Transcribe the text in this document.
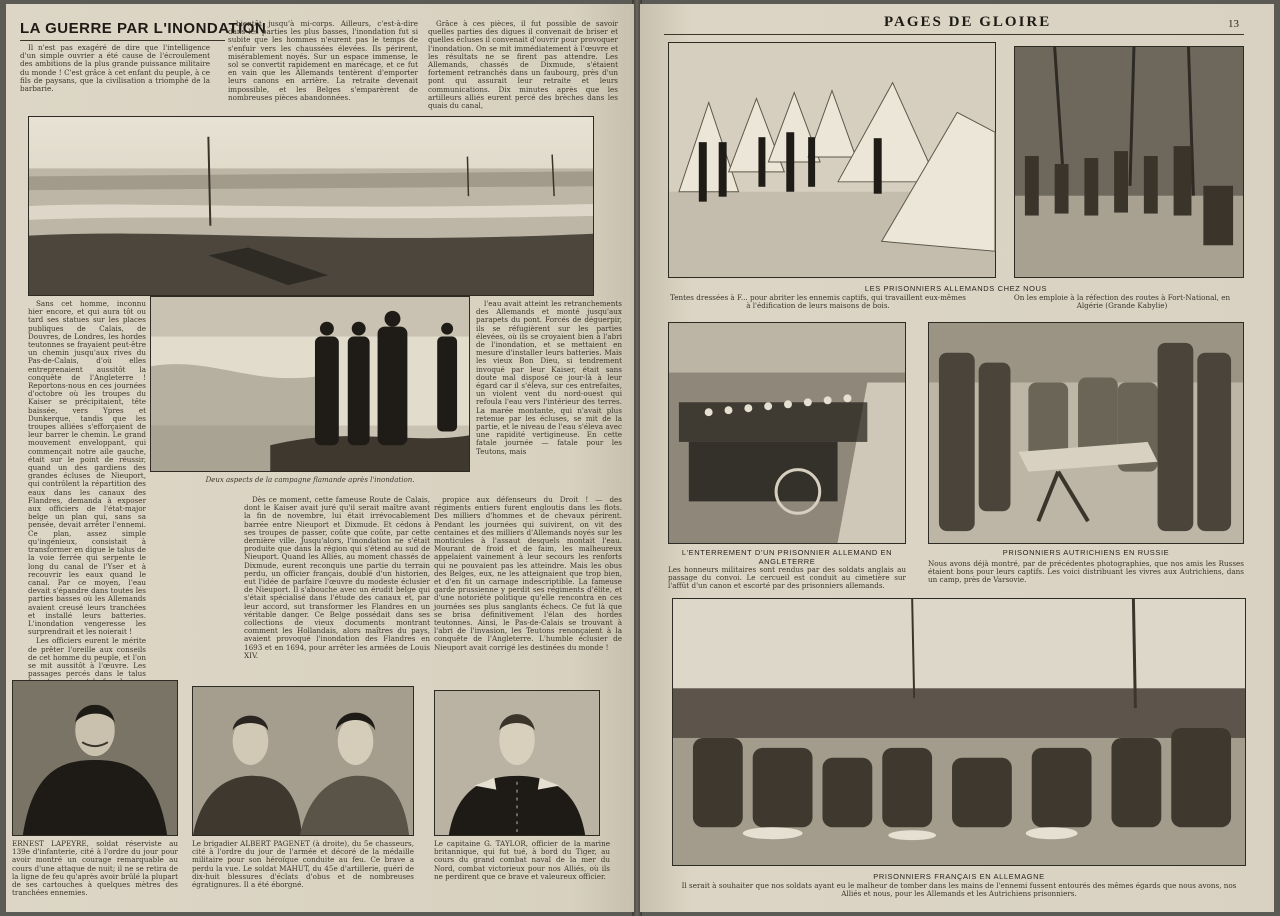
LA GUERRE PAR L'INONDATION

Il n'est pas exagéré de dire que l'intelligence d'un simple ouvrier a été cause de l'écroulement des ambitions de la plus grande puissance militaire du monde ! C'est grâce à cet enfant du peuple, à ce fils de paysans, que la civilisation a triomphé de la barbarie.

bientôt jusqu'à mi-corps. Ailleurs, c'est-à-dire dans les parties les plus basses, l'inondation fut si subite que les hommes n'eurent pas le temps de s'enfuir vers les chaussées élevées. Ils périrent, misérablement noyés. Sur un espace immense, le sol se convertit rapidement en marécage, et ce fut en vain que les Allemands tentèrent d'emporter leurs canons en arrière. La retraite devenait impossible, et les Belges s'emparèrent de nombreuses pièces abandonnées.

Grâce à ces pièces, il fut possible de savoir quelles parties des digues il convenait de briser et quelles écluses il convenait d'ouvrir pour provoquer l'inondation. On se mit immédiatement à l'œuvre et les résultats ne se firent pas attendre. Les Allemands, chassés de Dixmude, s'étaient fortement retranchés dans un faubourg, près d'un pont qui assurait leur retraite et leurs communications. Dix minutes après que les artilleurs alliés eurent percé des brèches dans les quais du canal,

Sans cet homme, inconnu hier encore, et qui aura tôt ou tard ses statues sur les places publiques de Calais, de Douvres, de Londres, les hordes teutonnes se frayaient peut-être un chemin jusqu'aux rives du Pas-de-Calais, d'où elles entreprenaient aussitôt la conquête de l'Angleterre ! Reportons-nous en ces journées d'octobre où les troupes du Kaiser se précipitaient, tête baissée, vers Ypres et Dunkerque, tandis que les troupes alliées s'efforçaient de leur barrer le chemin. Le grand mouvement enveloppant, qui commençait notre aile gauche, était sur le point de réussir, quand un des gardiens des grandes écluses de Nieuport, qui contrôlent la répartition des eaux dans les canaux des Flandres, demanda à exposer aux officiers de l'état-major belge un plan qui, sans sa pensée, devait arrêter l'ennemi. Ce plan, assez simple qu'ingénieux, consistait à transformer en digue le talus de la voie ferrée qui serpente le long du canal de l'Yser et à recouvrir les eaux quand le canal. Par ce moyen, l'eau devait s'épandre dans toutes les parties basses où les Allemands avaient creusé leurs tranchées et installé leurs batteries. L'inondation vengeresse les surprendrait et les noierait !

Les officiers eurent le mérite de prêter l'oreille aux conseils de cet homme du peuple, et l'on se mit aussitôt à l'œuvre. Les passages percés dans le talus

l'eau avait atteint les retranchements des Allemands et monté jusqu'aux parapets du pont. Forcés de déguerpir, ils se réfugièrent sur les parties élevées, où ils se croyaient bien à l'abri de l'inondation, et se mettaient en mesure d'installer leurs batteries. Mais les vieux Bon Dieu, si tendrement invoqué par leur Kaiser, était sans doute mal disposé ce jour-là à leur égard car il s'éleva, sur ces entrefaites, un violent vent du nord-ouest qui refoula l'eau vers l'intérieur des terres. La marée montante, qui n'avait plus retenue par les écluses, se mit de la partie, et le niveau de l'eau s'éleva avec une rapidité vertigineuse. En cette fatale journée — fatale pour les Teutons, mais

Deux aspects de la campagne flamande après l'inondation.

Dès ce moment, cette fameuse Route de Calais, dont le Kaiser avait juré qu'il serait maître avant la fin de novembre, lui était irrévocablement barrée entre Nieuport et Dixmude. Et cédons à ses troupes de passer, coûte que coûte, par cette dernière ville. Jusqu'alors, l'inondation ne s'était produite que dans la région qui s'étend au sud de Nieuport. Quand les Alliés, au moment chassés de Dixmude, eurent reconquis une partie du terrain perdu, un officier français, doublé d'un historien, eut l'idée de parfaire l'œuvre du modeste éclusier de Nieuport. Il s'abouche avec un érudit belge qui s'était spécialisé dans l'étude des canaux et, par leur accord, sut transformer les Flandres en un véritable danger. Ce Belge possédait dans ses collections de vieux documents montrant comment les Hollandais, alors maîtres du pays, avaient provoqué l'inondation des Flandres en 1693 et en 1694, pour arrêter les armées de Louis XIV.

propice aux défenseurs du Droit ! — des régiments entiers furent engloutis dans les flots. Des milliers d'hommes et de chevaux périrent. Pendant les journées qui suivirent, on vit des centaines et des milliers d'Allemands noyés sur les monticules à l'assaut desquels montait l'eau. Mourant de froid et de faim, les malheureux appelaient vainement à leur secours les renforts qui ne pouvaient pas les atteindre. Mais les obus des Belges, eux, ne les atteignaient que trop bien, et d'en fit un carnage indescriptible. La fameuse garde prussienne y perdit ses régiments d'élite, et d'une notoriété politique qu'elle rencontra en ces journées ses plus sanglants échecs. Ce fut là que se brisa définitivement l'élan des hordes teutonnes. Ainsi, le Pas-de-Calais se trouvant à l'abri de l'invasion, les Teutons renonçaient à la conquête de l'Angleterre. L'humble éclusier de Nieuport avait corrigé les destinées du monde !

ERNEST LAPEYRE, soldat réserviste au 139e d'infanterie, cité à l'ordre du jour pour avoir montré un courage remarquable au cours d'une attaque de nuit; il ne se retira de la ligne de feu qu'après avoir brûlé la plupart de ses cartouches à quelques mètres des tranchées ennemies.
Le brigadier ALBERT PAGENET (à droite), du 5e chasseurs, cité à l'ordre du jour de l'armée et décoré de la médaille militaire pour son héroïque conduite au feu. Ce brave a perdu la vue. Le soldat MAHUT, du 45e d'artillerie, guéri de dix-huit blessures d'éclats d'obus et de nombreuses égratignures. Il a été éborgné.
Le capitaine G. TAYLOR, officier de la marine britannique, qui fut tué, à bord du Tiger, au cours du grand combat naval de la mer du Nord, combat victorieux pour nos Alliés, où ils ne perdirent que ce brave et valeureux officier.
PAGES DE GLOIRE	13
LES PRISONNIERS ALLEMANDS CHEZ NOUS
Tentes dressées à F... pour abriter les ennemis captifs, qui travaillent eux-mêmes à l'édification de leurs maisons de bois.
On les emploie à la réfection des routes à Fort-National, en Algérie (Grande Kabylie)
L'ENTERREMENT D'UN PRISONNIER ALLEMAND EN ANGLETERRE
Les honneurs militaires sont rendus par des soldats anglais au passage du convoi. Le cercueil est conduit au cimetière sur l'affût d'un canon et escorté par des prisonniers allemands.
PRISONNIERS AUTRICHIENS EN RUSSIE
Nous avons déjà montré, par de précédentes photographies, que nos amis les Russes étaient bons pour leurs captifs. Les voici distribuant les vivres aux Autrichiens, dans un camp, près de Varsovie.
PRISONNIERS FRANÇAIS EN ALLEMAGNE
Il serait à souhaiter que nos soldats ayant eu le malheur de tomber dans les mains de l'ennemi fussent entourés des mêmes égards que nous avons, nos Alliés et nous, pour les Allemands et les Autrichiens prisonniers.
